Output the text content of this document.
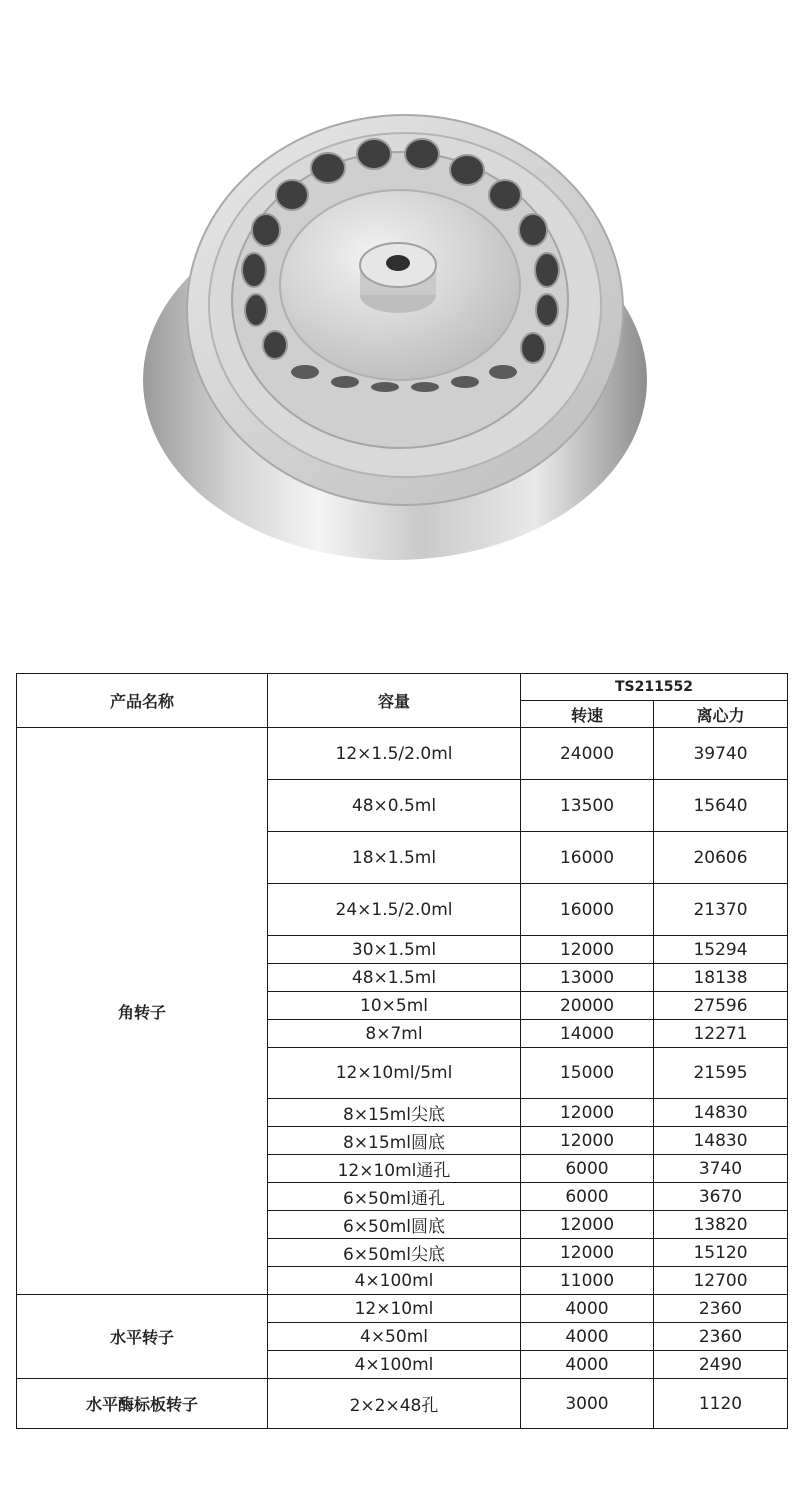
产品名称	容量	TS211552	
		转速	离心力
角转子	12×1.5/2.0ml	24000	39740
	48×0.5ml	13500	15640
	18×1.5ml	16000	20606
	24×1.5/2.0ml	16000	21370
	30×1.5ml	12000	15294
	48×1.5ml	13000	18138
	10×5ml	20000	27596
	8×7ml	14000	12271
	12×10ml/5ml	15000	21595
	8×15ml尖底	12000	14830
	8×15ml圆底	12000	14830
	12×10ml通孔	6000	3740
	6×50ml通孔	6000	3670
	6×50ml圆底	12000	13820
	6×50ml尖底	12000	15120
	4×100ml	11000	12700
水平转子	12×10ml	4000	2360
	4×50ml	4000	2360
	4×100ml	4000	2490
水平酶标板转子	2×2×48孔	3000	1120
